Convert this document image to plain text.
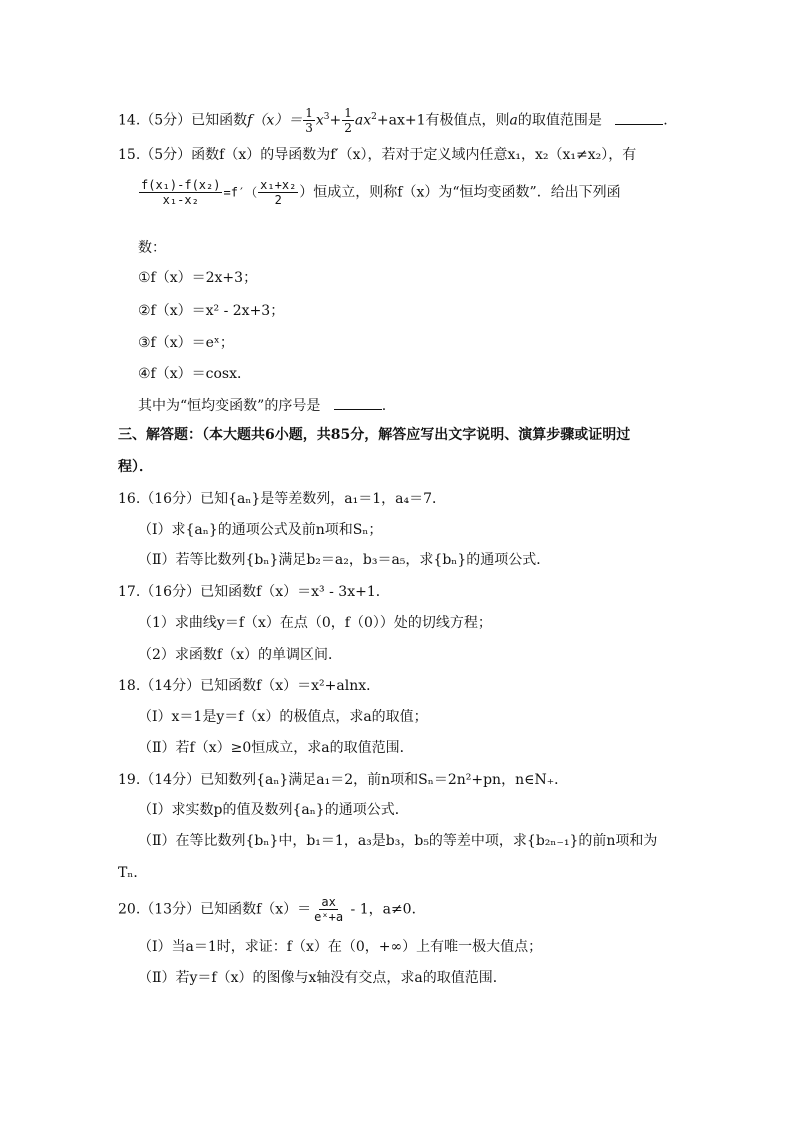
14.（5分）已知函数$f(x)= \frac{1}{3} x^3+ \frac{1}{2} ax^2+ax+1$有极值点，则a的取值范围是	.
15.（5分）函数f（x）的导函数为f′（x），若对于定义域内任意x₁，x₂（x₁≠x₂），有
$\frac{\text{f(x₁)-f(x₂)}}{\text{x₁-x₂}} =f'( \frac{\text{x₁+x₂}}{2}$ ）恒成立，则称f（x）为“恒均变函数”．给出下列函
数：
①f（x）＝2x+3；
②f（x）＝x² - 2x+3；
③f（x）＝eˣ；
④f（x）＝cosx．
其中为“恒均变函数”的序号是	.
三、解答题：（本大题共6小题，共85分，解答应写出文字说明、演算步骤或证明过
程）．
16.（16分）已知{aₙ}是等差数列，a₁＝1，a₄＝7．
（Ⅰ）求{aₙ}的通项公式及前n项和Sₙ；
（Ⅱ）若等比数列{bₙ}满足b₂＝a₂，b₃＝a₅，求{bₙ}的通项公式．
17.（16分）已知函数f（x）＝x³ - 3x+1．
（1）求曲线y＝f（x）在点（0，f（0））处的切线方程；
（2）求函数f（x）的单调区间．
18.（14分）已知函数f（x）＝x²+alnx．
（Ⅰ）x＝1是y＝f（x）的极值点，求a的取值；
（Ⅱ）若f（x）≥0恒成立，求a的取值范围．
19.（14分）已知数列{aₙ}满足a₁＝2，前n项和Sₙ＝2n²+pn，n∈N₊．
（Ⅰ）求实数p的值及数列{aₙ}的通项公式．
（Ⅱ）在等比数列{bₙ}中，b₁＝1，a₃是b₃，b₅的等差中项，求{b₂ₙ₋₁}的前n项和为
Tₙ．
20.（13分）已知函数$f(x)= \frac{ax}{\text{eˣ+a}} - 1$，a≠0．
（Ⅰ）当a＝1时，求证：f（x）在（0，+∞）上有唯一极大值点；
（Ⅱ）若y＝f（x）的图像与x轴没有交点，求a的取值范围．
